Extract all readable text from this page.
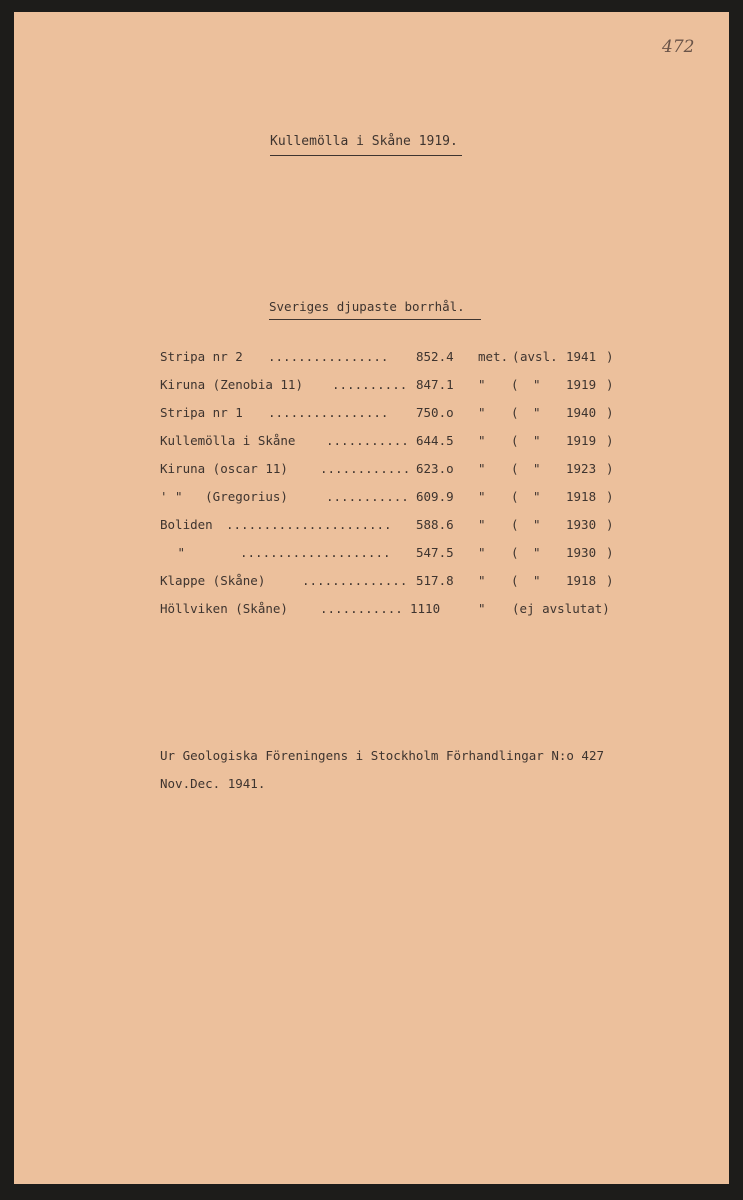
472
Kullemölla i Skåne 1919.
Sveriges djupaste borrhål.
Stripa nr 2 ................ 852.4 met. ( avsl. 1941 )
Kiruna (Zenobia 11) .......... 847.1 " ( " 1919 )
Stripa nr 1 ................ 750.o " ( " 1940 )
Kullemölla i Skåne ........... 644.5 " ( " 1919 )
Kiruna (oscar 11)	............ 623.o " ( " 1923 )
' "   (Gregorius)	........... 609.9 " ( " 1918 )
Boliden ...................... 588.6 " ( " 1930 )
"	.................... 547.5 " ( " 1930 )
Klappe (Skåne)	.............. 517.8 " ( " 1918 )
Höllviken (Skåne)	........... 1110	" (ej avslutat)
Ur Geologiska Föreningens i Stockholm Förhandlingar N:o 427
Nov.Dec. 1941.
